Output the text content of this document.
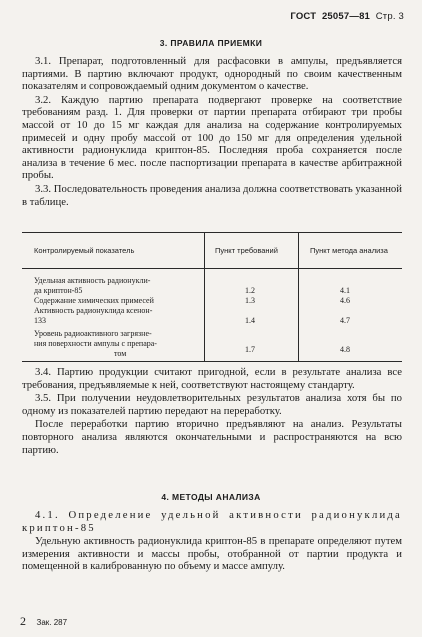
ГОСТ 25057—81 Стр. 3
3. ПРАВИЛА ПРИЕМКИ

3.1. Препарат, подготовленный для расфасовки в ампулы, предъявляется партиями. В партию включают продукт, однородный по своим качественным показателям и сопровождаемый одним документом о качестве.

3.2. Каждую партию препарата подвергают проверке на соответствие требованиям разд. 1. Для проверки от партии препарата отбирают три пробы массой от 10 до 15 мг каждая для анализа на содержание контролируемых примесей и одну пробу массой от 100 до 150 мг для определения удельной активности радионуклида криптон-85. Последняя проба сохраняется после анализа в течение 6 мес. после паспортизации препарата в качестве арбитражной пробы.

3.3. Последовательность проведения анализа должна соответствовать указанной в таблице.

Контролируемый показатель	Пункт требований	Пункт метода анализа
Удельная активность радионукли-
да криптон-85	1.2	4.1
Содержание химических примесей	1.3	4.6
Активность радионуклида ксенон-
133	1.4	4.7
Уровень радиоактивного загрязне-
ния поверхности ампулы с препара-
том	1.7	4.8

3.4. Партию продукции считают пригодной, если в результате анализа все требования, предъявляемые к ней, соответствуют настоящему стандарту.

3.5. При получении неудовлетворительных результатов анализа хотя бы по одному из показателей партию передают на переработку.

После переработки партию вторично предъявляют на анализ. Результаты повторного анализа являются окончательными и распространяются на всю партию.

4. МЕТОДЫ АНАЛИЗА

4.1. Определение удельной активности радионуклида криптон-85

Удельную активность радионуклида криптон-85 в препарате определяют путем измерения активности и массы пробы, отобранной от партии продукта и помещенной в калиброванную по объему и массе ампулу.

2 Зак. 287
